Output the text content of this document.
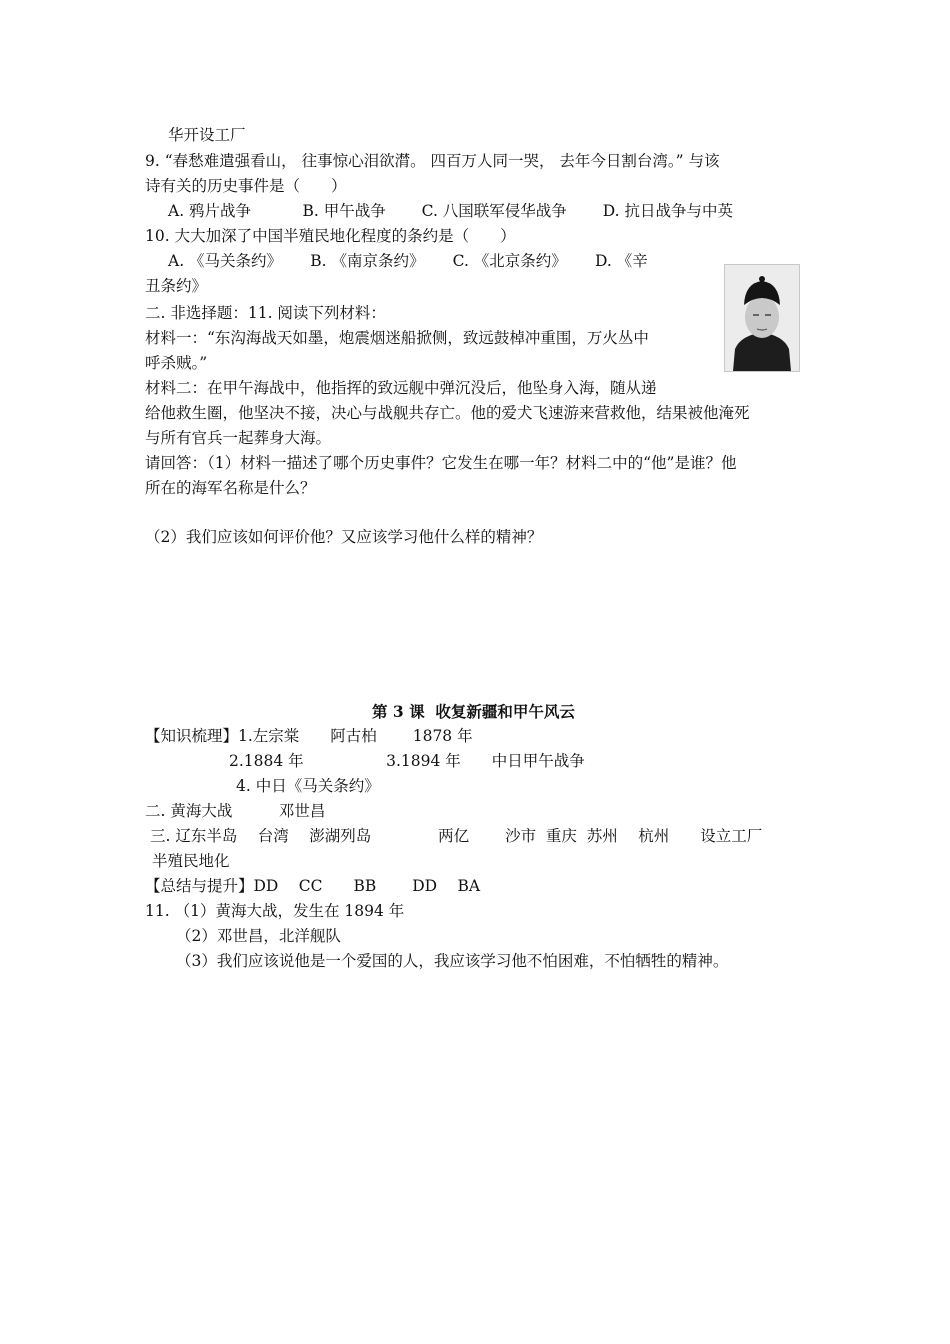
华开设工厂
9. “春愁难遣强看山， 往事惊心泪欲潸。 四百万人同一哭， 去年今日割台湾。” 与该
诗有关的历史事件是（　　）
A. 鸦片战争　　　 B. 甲午战争　　 C. 八国联军侵华战争　　 D. 抗日战争与中英
10. 大大加深了中国半殖民地化程度的条约是（　　）
A. 《马关条约》　　 B. 《南京条约》　　 C. 《北京条约》　　 D. 《辛
丑条约》
二. 非选择题：11. 阅读下列材料：
材料一：“东沟海战天如墨，炮震烟迷船掀侧，致远鼓棹冲重围，万火丛中
呼杀贼。”
材料二：在甲午海战中，他指挥的致远舰中弹沉没后，他坠身入海，随从递
给他救生圈，他坚决不接，决心与战舰共存亡。他的爱犬飞速游来营救他，结果被他淹死
与所有官兵一起葬身大海。
请回答：（1）材料一描述了哪个历史事件？它发生在哪一年？材料二中的“他”是谁？他
所在的海军名称是什么？
（2）我们应该如何评价他？又应该学习他什么样的精神？
第 3 课  收复新疆和甲午风云
【知识梳理】1.左宗棠　　阿古柏　　 1878 年
2.1884 年　　　　　 3.1894 年　　中日甲午战争
4. 中日《马关条约》
二. 黄海大战　　　邓世昌
三. 辽东半岛　 台湾　 澎湖列岛　　　　 两亿　　 沙市  重庆  苏州　 杭州　　设立工厂
半殖民地化
【总结与提升】DD　 CC　　BB　　 DD　 BA
11. （1）黄海大战，发生在 1894 年
（2）邓世昌，北洋舰队
（3）我们应该说他是一个爱国的人，我应该学习他不怕困难，不怕牺牲的精神。
